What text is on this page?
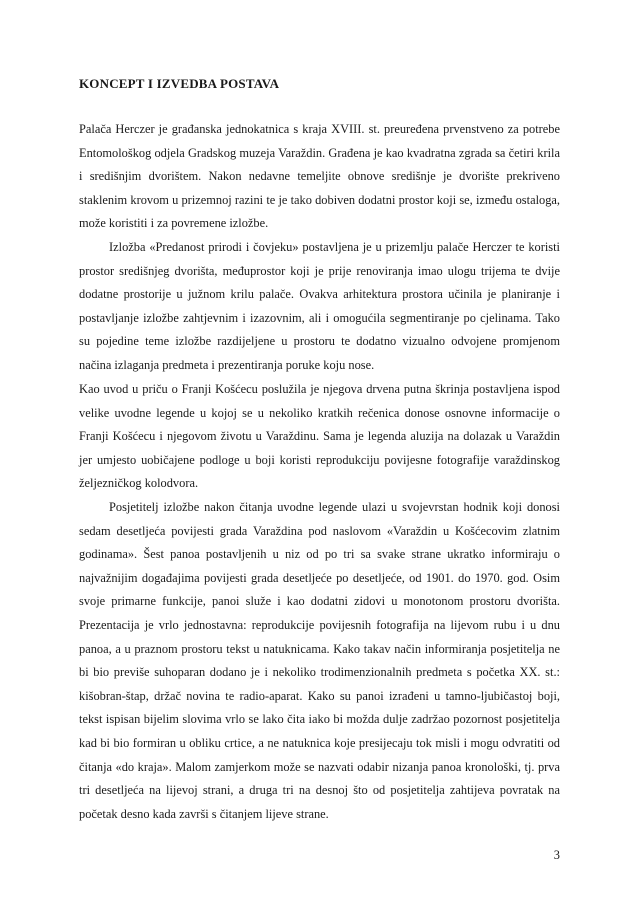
KONCEPT I IZVEDBA POSTAVA

Palača Herczer je građanska jednokatnica s kraja XVIII. st. preuređena prvenstveno za potrebe Entomološkog odjela Gradskog muzeja Varaždin. Građena je kao kvadratna zgrada sa četiri krila i središnjim dvorištem. Nakon nedavne temeljite obnove središnje je dvorište prekriveno staklenim krovom u prizemnoj razini te je tako dobiven dodatni prostor koji se, između ostaloga, može koristiti i za povremene izložbe.

Izložba «Predanost prirodi i čovjeku» postavljena je u prizemlju palače Herczer te koristi prostor središnjeg dvorišta, međuprostor koji je prije renoviranja imao ulogu trijema te dvije dodatne prostorije u južnom krilu palače. Ovakva arhitektura prostora učinila je planiranje i postavljanje izložbe zahtjevnim i izazovnim, ali i omogućila segmentiranje po cjelinama. Tako su pojedine teme izložbe razdijeljene u prostoru te dodatno vizualno odvojene promjenom načina izlaganja predmeta i prezentiranja poruke koju nose.

Kao uvod u priču o Franji Košćecu poslužila je njegova drvena putna škrinja postavljena ispod velike uvodne legende u kojoj se u nekoliko kratkih rečenica donose osnovne informacije o Franji Košćecu i njegovom životu u Varaždinu. Sama je legenda aluzija na dolazak u Varaždin jer umjesto uobičajene podloge u boji koristi reprodukciju povijesne fotografije varaždinskog željezničkog kolodvora.

Posjetitelj izložbe nakon čitanja uvodne legende ulazi u svojevrstan hodnik koji donosi sedam desetljeća povijesti grada Varaždina pod naslovom «Varaždin u Košćecovim zlatnim godinama». Šest panoa postavljenih u niz od po tri sa svake strane ukratko informiraju o najvažnijim događajima povijesti grada desetljeće po desetljeće, od 1901. do 1970. god. Osim svoje primarne funkcije, panoi služe i kao dodatni zidovi u monotonom prostoru dvorišta. Prezentacija je vrlo jednostavna: reprodukcije povijesnih fotografija na lijevom rubu i u dnu panoa, a u praznom prostoru tekst u natuknicama. Kako takav način informiranja posjetitelja ne bi bio previše suhoparan dodano je i nekoliko trodimenzionalnih predmeta s početka XX. st.: kišobran-štap, držač novina te radio-aparat. Kako su panoi izrađeni u tamno-ljubičastoj boji, tekst ispisan bijelim slovima vrlo se lako čita iako bi možda dulje zadržao pozornost posjetitelja kad bi bio formiran u obliku crtice, a ne natuknica koje presijecaju tok misli i mogu odvratiti od čitanja «do kraja». Malom zamjerkom može se nazvati odabir nizanja panoa kronološki, tj. prva tri desetljeća na lijevoj strani, a druga tri na desnoj što od posjetitelja zahtijeva povratak na početak desno kada završi s čitanjem lijeve strane.

3
